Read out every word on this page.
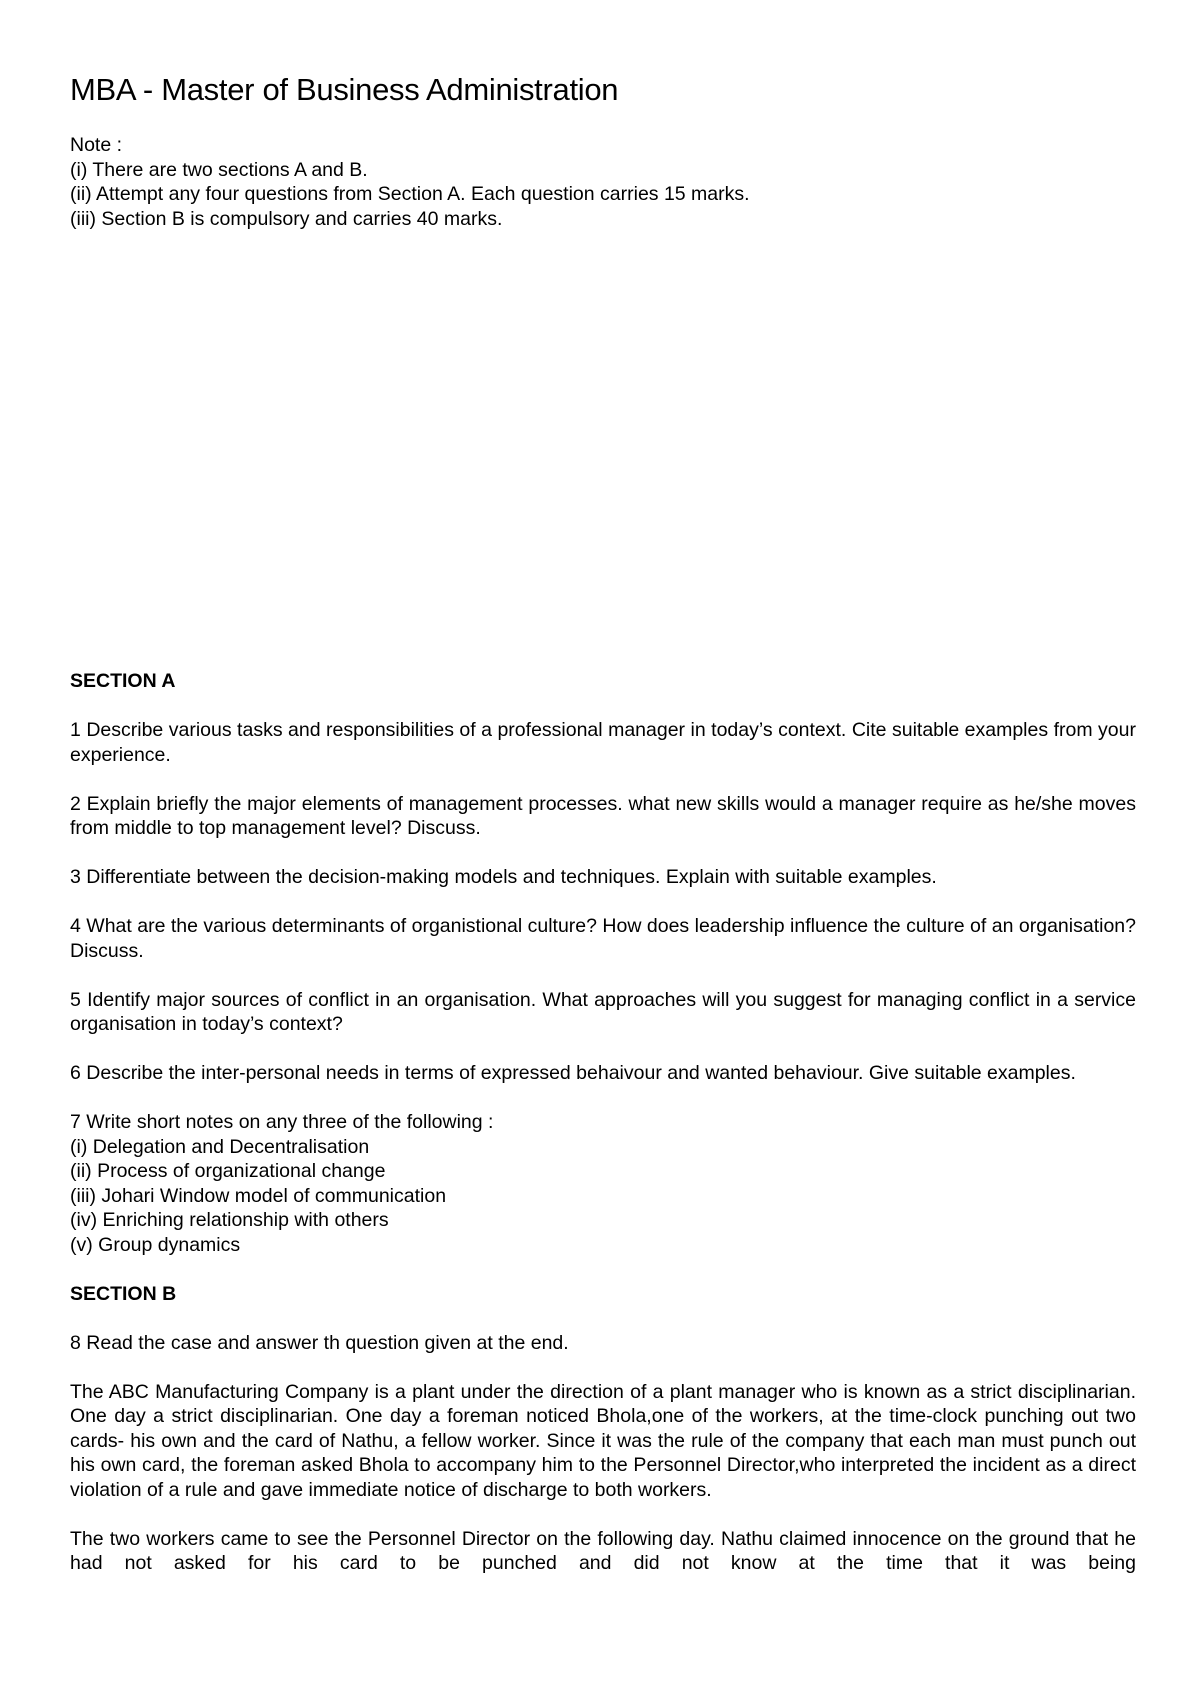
MBA - Master of Business Administration
Note :
(i) There are two sections A and B.
(ii) Attempt any four questions from Section A. Each question carries 15 marks.
(iii) Section B is compulsory and carries 40 marks.
SECTION A
1 Describe various tasks and responsibilities of a professional manager in today’s context. Cite suitable examples from your experience.
2 Explain briefly the major elements of management processes. what new skills would a manager require as he/she moves from middle to top management level? Discuss.
3 Differentiate between the decision-making models and techniques. Explain with suitable examples.
4 What are the various determinants of organistional culture? How does leadership influence the culture of an organisation? Discuss.
5 Identify major sources of conflict in an organisation. What approaches will you suggest for managing conflict in a service organisation in today’s context?
6 Describe the inter-personal needs in terms of expressed behaivour and wanted behaviour. Give suitable examples.
7 Write short notes on any three of the following :
(i) Delegation and Decentralisation
(ii) Process of organizational change
(iii) Johari Window model of communication
(iv) Enriching relationship with others
(v) Group dynamics
SECTION B
8 Read the case and answer th question given at the end.
The ABC Manufacturing Company is a plant under the direction of a plant manager who is known as a strict disciplinarian. One day a strict disciplinarian. One day a foreman noticed Bhola,one of the workers, at the time-clock punching out two cards- his own and the card of Nathu, a fellow worker. Since it was the rule of the company that each man must punch out his own card, the foreman asked Bhola to accompany him to the Personnel Director,who interpreted the incident as a direct violation of a rule and gave immediate notice of discharge to both workers.
The two workers came to see the Personnel Director on the following day. Nathu claimed innocence on the ground that he had not asked for his card to be punched and did not know at the time that it was being
